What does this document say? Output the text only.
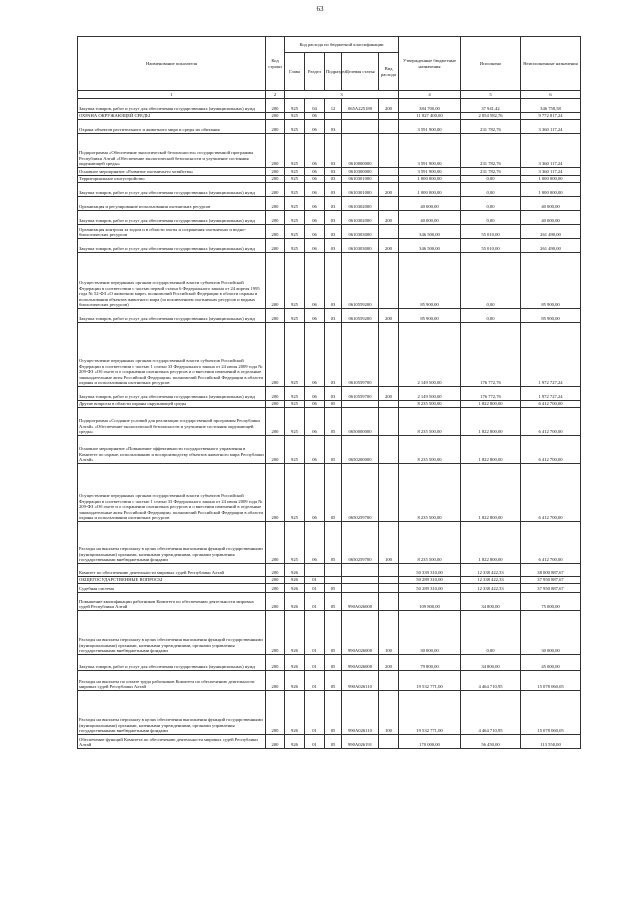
63
Наименование показателя	Код строки	Код расхода по бюджетной классификации					Утвержденные бюджетные назначения	Исполнено	Неисполненные назначения
		Глава	Раздел	Подраздел	Целевая статья	Вид расхода			
1	2	3					4	5	6
Закупка товаров, работ и услуг для обеспечения государственных (муниципальных) нужд	200	925	04	12	065A225180	200	384 700,00	37 941,42	346 758,58
ОХРАНА ОКРУЖАЮЩЕЙ СРЕДЫ	200	925	06				11 827 400,00	2 054 582,76	9 772 817,24
Охрана объектов растительного и животного мира и среды их обитания	200	925	06	03			3 591 900,00	231 782,76	3 360 117,24
Подпрограмма «Обеспечение экологической безопасности» государственной программы Республики Алтай «Обеспечение экологической безопасности и улучшение состояния окружающей среды»	200	925	06	03	0610000000		3 591 900,00	231 782,76	3 360 117,24
Основное мероприятие «Развитие охотничьего хозяйства»	200	925	06	03	0610300000		3 591 900,00	231 782,76	3 360 117,24
Территориальное охотустройство	200	925	06	03	0610301000		1 000 000,00	0,00	1 000 000,00
Закупка товаров, работ и услуг для обеспечения государственных (муниципальных) нужд	200	925	06	03	0610301000	200	1 000 000,00	0,00	1 000 000,00
Организация и регулирование использования охотничьих ресурсов	200	925	06	03	0610302000		40 000,00	0,00	40 000,00
Закупка товаров, работ и услуг для обеспечения государственных (муниципальных) нужд	200	925	06	03	0610302000	200	40 000,00	0,00	40 000,00
Организация контроля за ходом и в области охоты и сохранения охотничьих и водно-биологических ресурсов	200	925	06	03	0610303000		346 500,00	55 010,00	261 490,00
Закупка товаров, работ и услуг для обеспечения государственных (муниципальных) нужд	200	925	06	03	0610303000	200	346 500,00	55 010,00	261 490,00
Осуществление переданных органам государственной власти субъектов Российской Федерации в соответствии с частью первой статьи 6 Федерального закона от 24 апреля 1995 года № 52-ФЗ «О животном мире» полномочий Российской Федерации в области охраны и использования объектов животного мира (за исключением охотничьих ресурсов и водных биологических ресурсов)	200	925	06	03	0610559200		85 900,00	0,00	85 900,00
Закупка товаров, работ и услуг для обеспечения государственных (муниципальных) нужд	200	925	06	03	0610559200	200	85 900,00	0,00	85 900,00
Осуществление переданных органам государственной власти субъектов Российской Федерации в соответствии с частью 1 статьи 33 Федерального закона от 24 июля 2009 года № 209-ФЗ «Об охоте и о сохранении охотничьих ресурсов и о внесении изменений в отдельные законодательные акты Российской Федерации» полномочий Российской Федерации в области охраны и использования охотничьих ресурсов	200	925	06	03	0610559700		2 149 500,00	176 772,76	1 972 727,24
Закупка товаров, работ и услуг для обеспечения государственных (муниципальных) нужд	200	925	06	03	0610559700	200	2 149 500,00	176 772,76	1 972 727,24
Другие вопросы в области охраны окружающей среды	200	925	06	05			8 235 500,00	1 822 800,00	6 412 700,00
Подпрограмма «Создание условий для реализации государственной программы Республики Алтай» «Обеспечение экологической безопасности и улучшение состояния окружающей среды»	200	925	06	05	0650000000		8 235 500,00	1 822 800,00	6 412 700,00
Основное мероприятие «Повышение эффективности государственного управления в Комитете по охране, использованию и воспроизводству объектов животного мира Республики Алтай»	200	925	06	05	0650200000		8 235 500,00	1 822 800,00	6 412 700,00
Осуществление переданных органам государственной власти субъектов Российской Федерации в соответствии с частью 1 статьи 33 Федерального закона от 24 июля 2009 года № 209-ФЗ «Об охоте и о сохранении охотничьих ресурсов и о внесении изменений в отдельные законодательные акты Российской Федерации» полномочий Российской Федерации в области охраны и использования охотничьих ресурсов	200	925	06	05	0650259700		8 235 500,00	1 822 800,00	6 412 700,00
Расходы на выплаты персоналу в целях обеспечения выполнения функций государственными (муниципальными) органами, казенными учреждениями, органами управления государственными внебюджетными фондами	200	925	06	05	0650259700	100	8 235 500,00	1 822 800,00	6 412 700,00
Комитет по обеспечению деятельности мировых судей Республики Алтай	200	926					50 339 310,00	12 338 422,33	38 000 887,67
ОБЩЕГОСУДАРСТВЕННЫЕ ВОПРОСЫ	200	926	01				50 289 310,00	12 338 422,33	37 950 887,67
Судебная система	200	926	01	05			50 289 310,00	12 338 422,33	37 950 887,67
Повышение квалификации работников Комитета по обеспечению деятельности мировых судей Республики Алтай	200	926	01	05	990A026000		109 800,00	34 800,00	75 000,00
Расходы на выплаты персоналу в целях обеспечения выполнения функций государственными (муниципальными) органами, казенными учреждениями, органами управления государственными внебюджетными фондами	200	926	01	05	990A026000	100	30 000,00	0,00	30 000,00
Закупка товаров, работ и услуг для обеспечения государственных (муниципальных) нужд	200	926	01	05	990A026000	200	79 800,00	34 800,00	45 000,00
Расходы на выплаты по оплате труда работников Комитета по обеспечению деятельности мировых судей Республики Алтай	200	926	01	05	990A026110		19 532 771,00	4 464 710,95	15 078 060,05
Расходы на выплаты персоналу в целях обеспечения выполнения функций государственными (муниципальными) органами, казенными учреждениями, органами управления государственными внебюджетными фондами	200	926	01	05	990A026110	100	19 532 771,00	4 464 710,95	15 078 060,05
Обеспечение функций Комитета по обеспечению деятельности мировых судей Республики Алтай	200	926	01	05	990A026191		170 000,00	56 450,00	113 550,00
